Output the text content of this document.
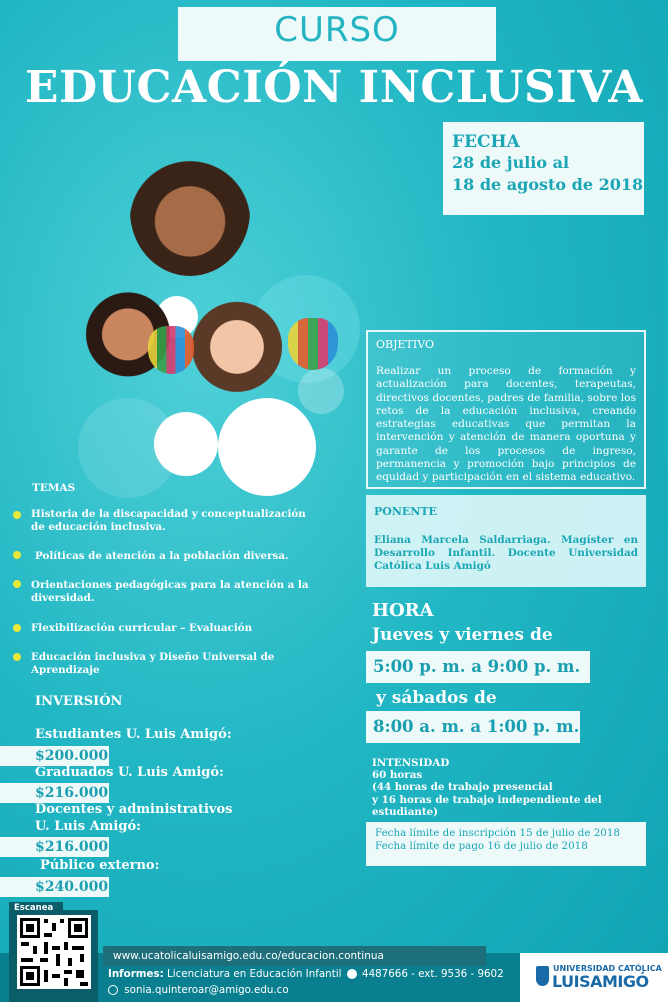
CURSO
EDUCACIÓN INCLUSIVA
FECHA
28 de julio al
18 de agosto de 2018
OBJETIVO
Realizar un proceso de formación y actualización para docentes, terapeutas, directivos docentes, padres de familia, sobre los retos de la educación inclusiva, creando estrategias educativas que permitan la intervención y atención de manera oportuna y garante de los procesos de ingreso, permanencia y promoción bajo principios de equidad y participación en el sistema educativo.
PONENTE
Eliana Marcela Saldarriaga. Magíster en Desarrollo Infantil. Docente Universidad Católica Luis Amigó
HORA
Jueves y viernes de
5:00 p. m. a 9:00 p. m.
y sábados de
8:00 a. m. a 1:00 p. m.
INTENSIDAD
60 horas
(44 horas de trabajo presencial
y 16 horas de trabajo independiente del estudiante)
Fecha límite de inscripción 15 de julio de 2018
Fecha límite de pago 16 de julio de 2018
TEMAS
Historia de la discapacidad y conceptualización de educación inclusiva.
Políticas de atención a la población diversa.
Orientaciones pedagógicas para la atención a la diversidad.
Flexibilización curricular – Evaluación
Educación inclusiva y Diseño Universal de Aprendizaje
INVERSIÓN
Estudiantes U. Luis Amigó:
$200.000
Graduados U. Luis Amigó:
$216.000
Docentes y administrativos
U. Luis Amigó:
$216.000
Público externo:
$240.000
Escanea
www.ucatolicaluisamigo.edu.co/educacion.continua
Informes: Licenciatura en Educación Infantil 4487666 - ext. 9536 - 9602
sonia.quinteroar@amigo.edu.co
UNIVERSIDAD CATÓLICA
LUISAMIGÓ
